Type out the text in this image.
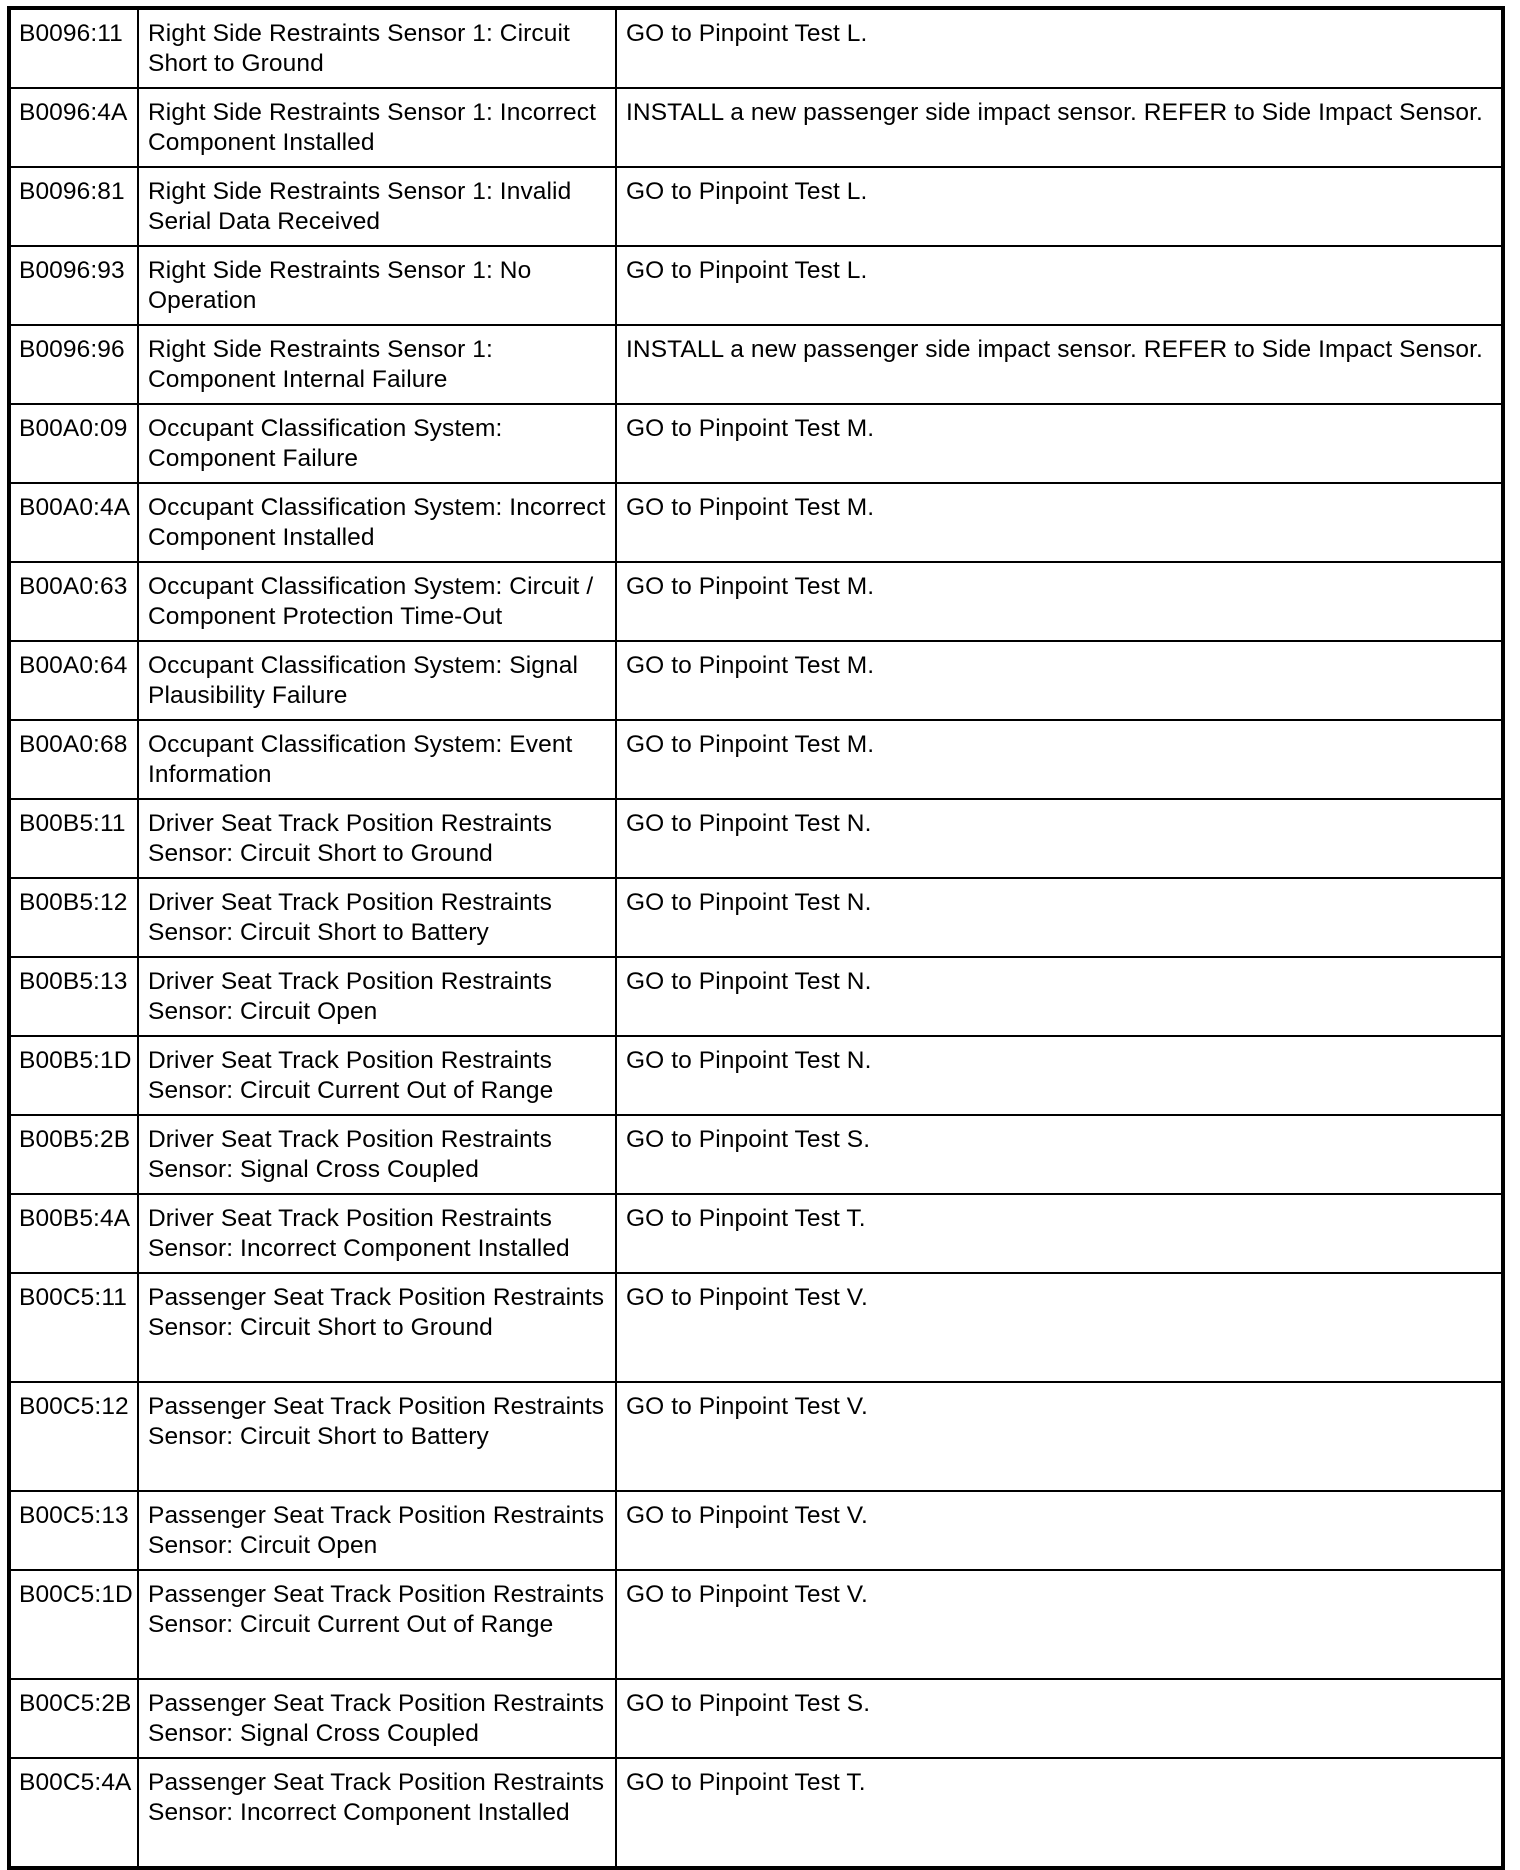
B0096:11	Right Side Restraints Sensor 1: Circuit Short to Ground	GO to Pinpoint Test L.
B0096:4A	Right Side Restraints Sensor 1: Incorrect Component Installed	INSTALL a new passenger side impact sensor. REFER to Side Impact Sensor.
B0096:81	Right Side Restraints Sensor 1: Invalid Serial Data Received	GO to Pinpoint Test L.
B0096:93	Right Side Restraints Sensor 1: No Operation	GO to Pinpoint Test L.
B0096:96	Right Side Restraints Sensor 1: Component Internal Failure	INSTALL a new passenger side impact sensor. REFER to Side Impact Sensor.
B00A0:09	Occupant Classification System: Component Failure	GO to Pinpoint Test M.
B00A0:4A	Occupant Classification System: Incorrect Component Installed	GO to Pinpoint Test M.
B00A0:63	Occupant Classification System: Circuit / Component Protection Time-Out	GO to Pinpoint Test M.
B00A0:64	Occupant Classification System: Signal Plausibility Failure	GO to Pinpoint Test M.
B00A0:68	Occupant Classification System: Event Information	GO to Pinpoint Test M.
B00B5:11	Driver Seat Track Position Restraints Sensor: Circuit Short to Ground	GO to Pinpoint Test N.
B00B5:12	Driver Seat Track Position Restraints Sensor: Circuit Short to Battery	GO to Pinpoint Test N.
B00B5:13	Driver Seat Track Position Restraints Sensor: Circuit Open	GO to Pinpoint Test N.
B00B5:1D	Driver Seat Track Position Restraints Sensor: Circuit Current Out of Range	GO to Pinpoint Test N.
B00B5:2B	Driver Seat Track Position Restraints Sensor: Signal Cross Coupled	GO to Pinpoint Test S.
B00B5:4A	Driver Seat Track Position Restraints Sensor: Incorrect Component Installed	GO to Pinpoint Test T.
B00C5:11	Passenger Seat Track Position Restraints Sensor: Circuit Short to Ground	GO to Pinpoint Test V.
B00C5:12	Passenger Seat Track Position Restraints Sensor: Circuit Short to Battery	GO to Pinpoint Test V.
B00C5:13	Passenger Seat Track Position Restraints Sensor: Circuit Open	GO to Pinpoint Test V.
B00C5:1D	Passenger Seat Track Position Restraints Sensor: Circuit Current Out of Range	GO to Pinpoint Test V.
B00C5:2B	Passenger Seat Track Position Restraints Sensor: Signal Cross Coupled	GO to Pinpoint Test S.
B00C5:4A	Passenger Seat Track Position Restraints Sensor: Incorrect Component Installed	GO to Pinpoint Test T.
